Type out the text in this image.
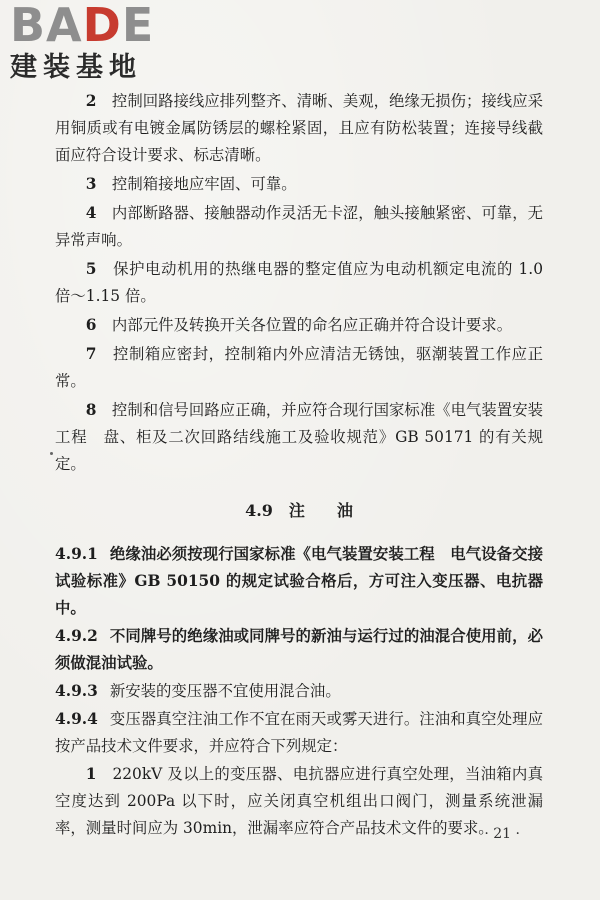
BADE
建装基地

2　 控制回路接线应排列整齐、清晰、美观，绝缘无损伤；接线应采用铜质或有电镀金属防锈层的螺栓紧固，且应有防松装置；连接导线截面应符合设计要求、标志清晰。

3　 控制箱接地应牢固、可靠。

4　 内部断路器、接触器动作灵活无卡涩，触头接触紧密、可靠，无异常声响。

5　 保护电动机用的热继电器的整定值应为电动机额定电流的 1.0 倍～1.15 倍。

6　 内部元件及转换开关各位置的命名应正确并符合设计要求。

7　 控制箱应密封，控制箱内外应清洁无锈蚀，驱潮装置工作应正常。

8　 控制和信号回路应正确，并应符合现行国家标准《电气装置安装工程　盘、柜及二次回路结线施工及验收规范》GB 50171 的有关规定。

4.9　注　　油

4.9.1 绝缘油必须按现行国家标准《电气装置安装工程　电气设备交接试验标准》GB 50150 的规定试验合格后，方可注入变压器、电抗器中。

4.9.2 不同牌号的绝缘油或同牌号的新油与运行过的油混合使用前，必须做混油试验。

4.9.3 新安装的变压器不宜使用混合油。

4.9.4 变压器真空注油工作不宜在雨天或雾天进行。注油和真空处理应按产品技术文件要求，并应符合下列规定：

1　 220kV 及以上的变压器、电抗器应进行真空处理，当油箱内真空度达到 200Pa 以下时，应关闭真空机组出口阀门，测量系统泄漏率，测量时间应为 30min，泄漏率应符合产品技术文件的要求。

· 21 ·
